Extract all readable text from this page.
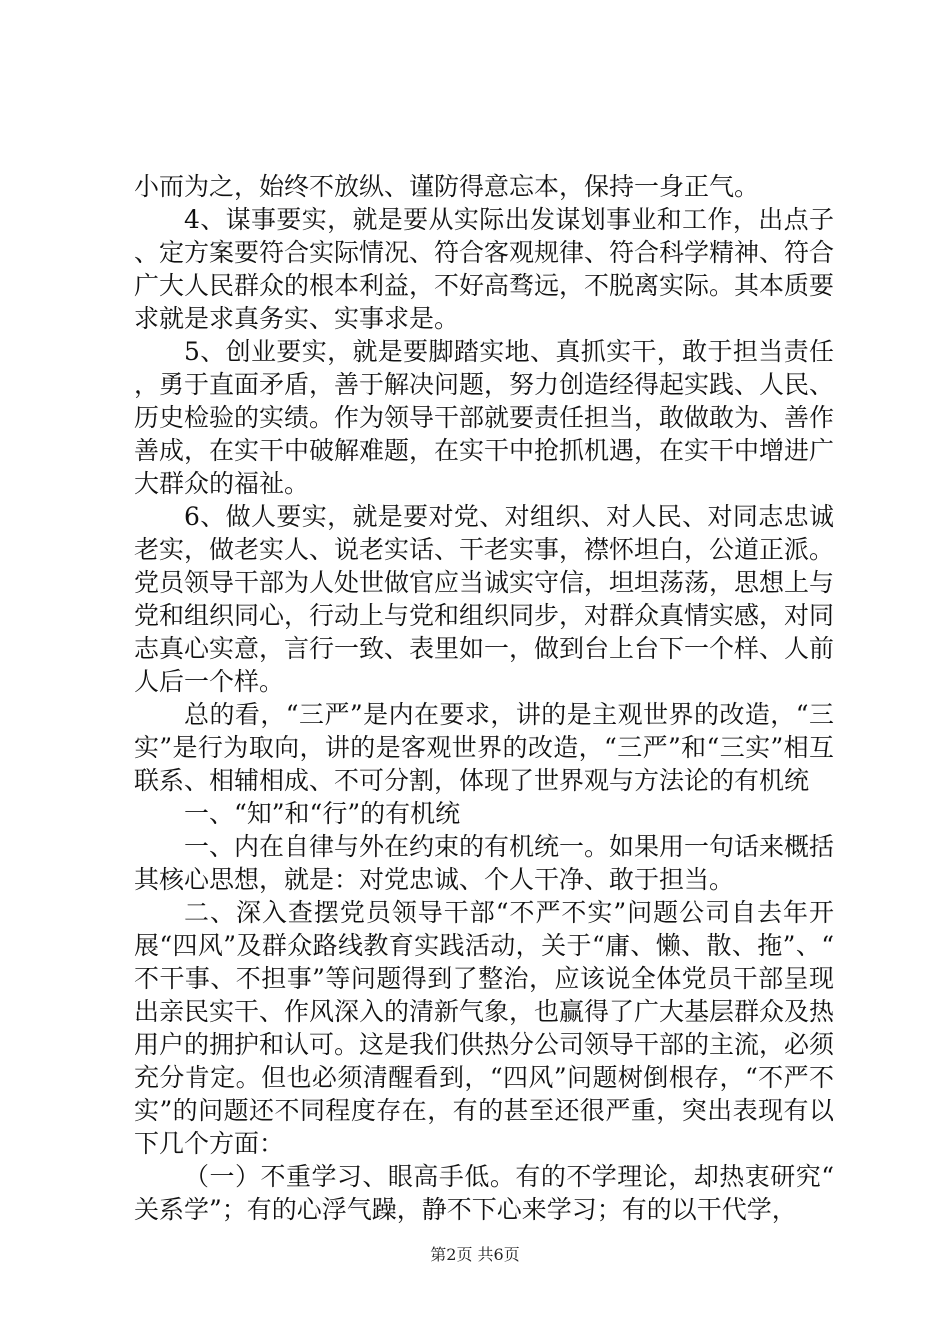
小而为之，始终不放纵、谨防得意忘本，保持一身正气。

4、谋事要实，就是要从实际出发谋划事业和工作，出点子、定方案要符合实际情况、符合客观规律、符合科学精神、符合广大人民群众的根本利益，不好高骛远，不脱离实际。其本质要求就是求真务实、实事求是。

5、创业要实，就是要脚踏实地、真抓实干，敢于担当责任，勇于直面矛盾，善于解决问题，努力创造经得起实践、人民、历史检验的实绩。作为领导干部就要责任担当，敢做敢为、善作善成，在实干中破解难题，在实干中抢抓机遇，在实干中增进广大群众的福祉。

6、做人要实，就是要对党、对组织、对人民、对同志忠诚老实，做老实人、说老实话、干老实事，襟怀坦白，公道正派。党员领导干部为人处世做官应当诚实守信，坦坦荡荡，思想上与党和组织同心，行动上与党和组织同步，对群众真情实感，对同志真心实意，言行一致、表里如一，做到台上台下一个样、人前人后一个样。

总的看，“三严”是内在要求，讲的是主观世界的改造，“三实”是行为取向，讲的是客观世界的改造，“三严”和“三实”相互联系、相辅相成、不可分割，体现了世界观与方法论的有机统

一、“知”和“行”的有机统

一、内在自律与外在约束的有机统一。如果用一句话来概括其核心思想，就是：对党忠诚、个人干净、敢于担当。

二、深入查摆党员领导干部“不严不实”问题公司自去年开展“四风”及群众路线教育实践活动，关于“庸、懒、散、拖”、“不干事、不担事”等问题得到了整治，应该说全体党员干部呈现出亲民实干、作风深入的清新气象，也赢得了广大基层群众及热用户的拥护和认可。这是我们供热分公司领导干部的主流，必须充分肯定。但也必须清醒看到，“四风”问题树倒根存，“不严不实”的问题还不同程度存在，有的甚至还很严重，突出表现有以下几个方面：

（一）不重学习、眼高手低。有的不学理论，却热衷研究“关系学”；有的心浮气躁，静不下心来学习；有的以干代学，

第2页 共6页
